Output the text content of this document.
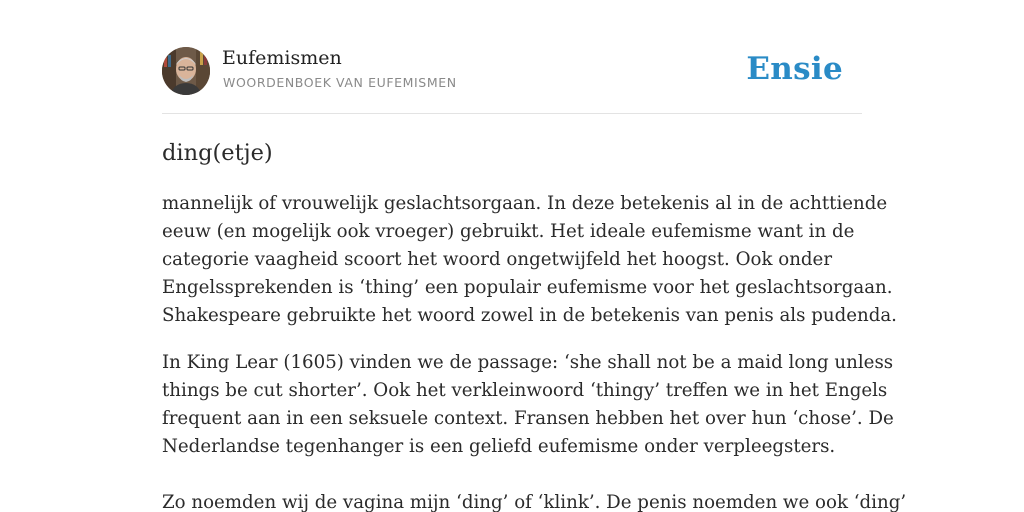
Eufemismen
WOORDENBOEK VAN EUFEMISMEN	Ensie
ding(etje)
mannelijk of vrouwelijk geslachtsorgaan. In deze betekenis al in de achttiende
eeuw (en mogelijk ook vroeger) gebruikt. Het ideale eufemisme want in de
categorie vaagheid scoort het woord ongetwijfeld het hoogst. Ook onder
Engelssprekenden is ‘thing’ een populair eufemisme voor het geslachtsorgaan.
Shakespeare gebruikte het woord zowel in de betekenis van penis als pudenda.
In King Lear (1605) vinden we de passage: ‘she shall not be a maid long unless
things be cut shorter’. Ook het verkleinwoord ‘thingy’ treffen we in het Engels
frequent aan in een seksuele context. Fransen hebben het over hun ‘chose’. De
Nederlandse tegenhanger is een geliefd eufemisme onder verpleegsters.
Zo noemden wij de vagina mijn ‘ding’ of ‘klink’. De penis noemden we ook ‘ding’
